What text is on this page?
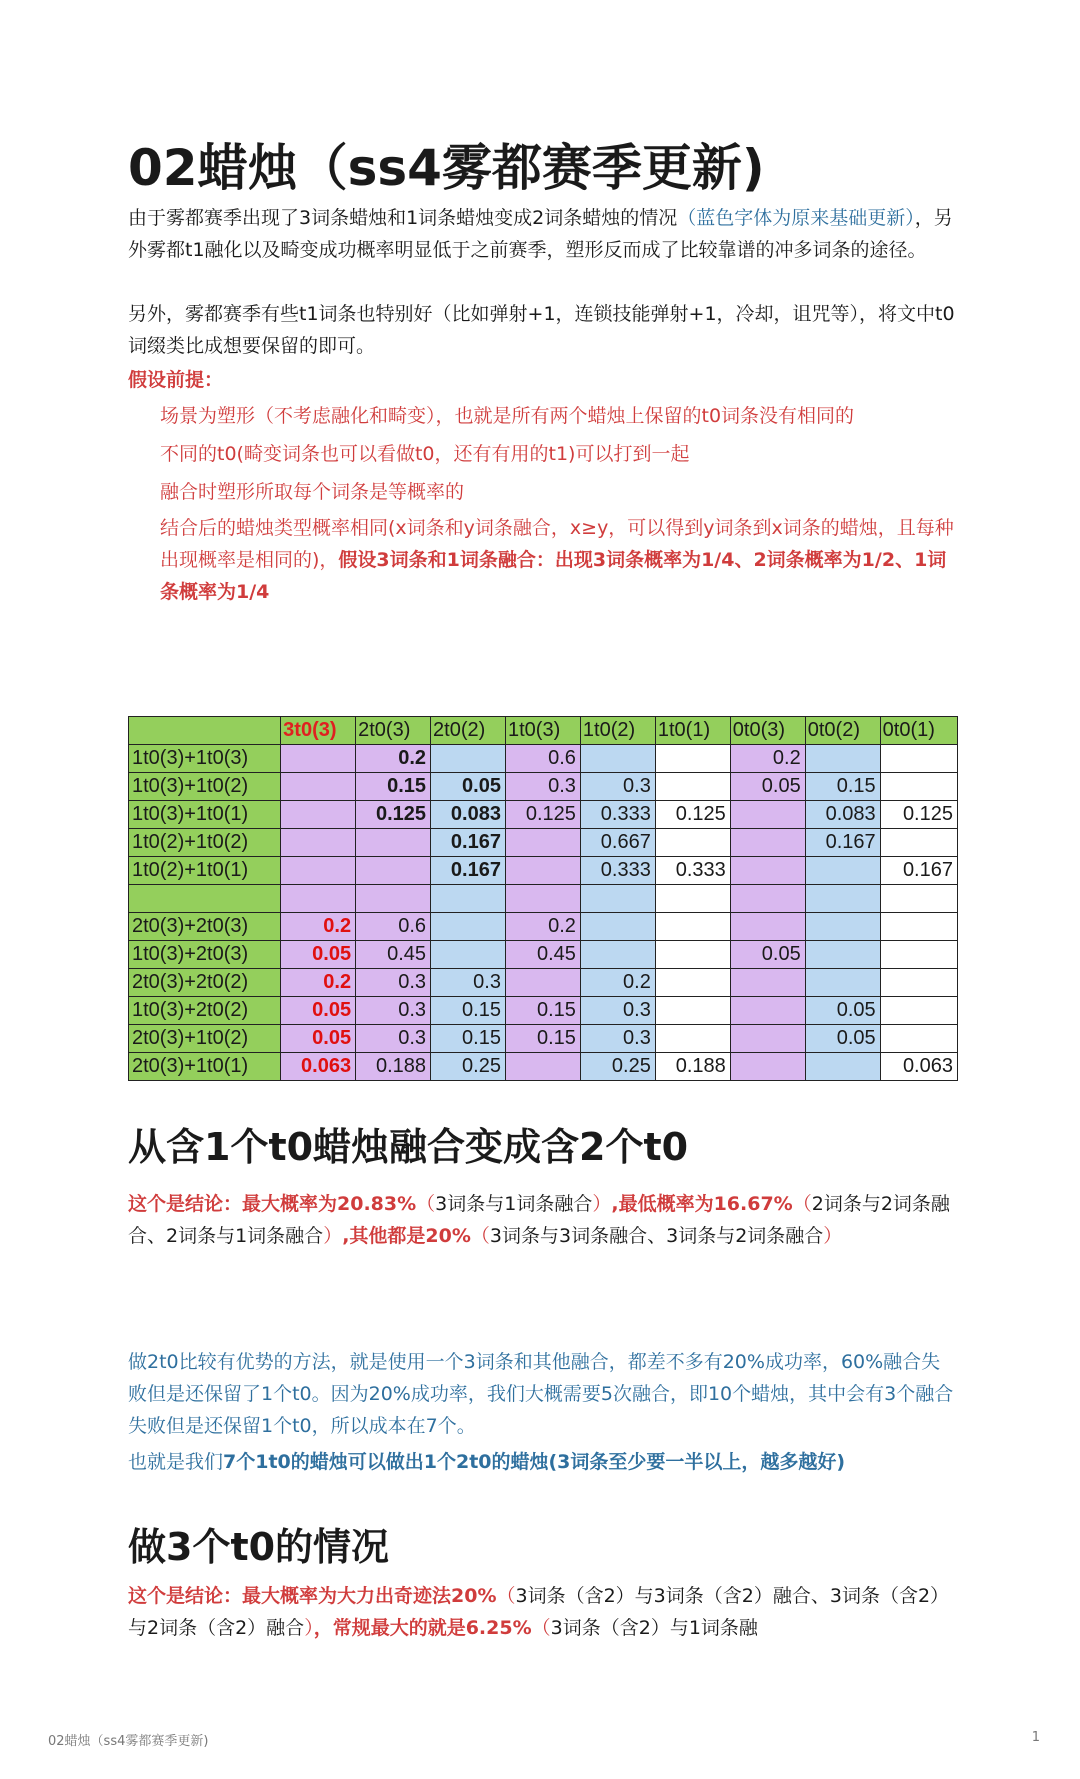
02蜡烛（ss4雾都赛季更新)

由于雾都赛季出现了3词条蜡烛和1词条蜡烛变成2词条蜡烛的情况（蓝色字体为原来基础更新），另外雾都t1融化以及畸变成功概率明显低于之前赛季，塑形反而成了比较靠谱的冲多词条的途径。

另外，雾都赛季有些t1词条也特别好（比如弹射+1，连锁技能弹射+1，冷却，诅咒等），将文中t0词缀类比成想要保留的即可。

假设前提：

场景为塑形（不考虑融化和畸变），也就是所有两个蜡烛上保留的t0词条没有相同的

不同的t0(畸变词条也可以看做t0，还有有用的t1)可以打到一起

融合时塑形所取每个词条是等概率的

结合后的蜡烛类型概率相同(x词条和y词条融合，x≥y，可以得到y词条到x词条的蜡烛，且每种出现概率是相同的)，假设3词条和1词条融合：出现3词条概率为1/4、2词条概率为1/2、1词条概率为1/4

	3t0(3)	2t0(3)	2t0(2)	1t0(3)	1t0(2)	1t0(1)	0t0(3)	0t0(2)	0t0(1)
1t0(3)+1t0(3)		0.2		0.6			0.2		
1t0(3)+1t0(2)		0.15	0.05	0.3	0.3		0.05	0.15	
1t0(3)+1t0(1)		0.125	0.083	0.125	0.333	0.125		0.083	0.125
1t0(2)+1t0(2)			0.167		0.667			0.167	
1t0(2)+1t0(1)			0.167		0.333	0.333			0.167

2t0(3)+2t0(3)	0.2	0.6		0.2					
1t0(3)+2t0(3)	0.05	0.45		0.45			0.05		
2t0(3)+2t0(2)	0.2	0.3	0.3		0.2				
1t0(3)+2t0(2)	0.05	0.3	0.15	0.15	0.3			0.05	
2t0(3)+1t0(2)	0.05	0.3	0.15	0.15	0.3			0.05	
2t0(3)+1t0(1)	0.063	0.188	0.25		0.25	0.188			0.063
从含1个t0蜡烛融合变成含2个t0

这个是结论：最大概率为20.83%（3词条与1词条融合）,最低概率为16.67%（2词条与2词条融合、2词条与1词条融合）,其他都是20%（3词条与3词条融合、3词条与2词条融合）

做2t0比较有优势的方法，就是使用一个3词条和其他融合，都差不多有20%成功率，60%融合失败但是还保留了1个t0。因为20%成功率，我们大概需要5次融合，即10个蜡烛，其中会有3个融合失败但是还保留1个t0，所以成本在7个。

也就是我们7个1t0的蜡烛可以做出1个2t0的蜡烛(3词条至少要一半以上，越多越好)

做3个t0的情况

这个是结论：最大概率为大力出奇迹法20%（3词条（含2）与3词条（含2）融合、3词条（含2）与2词条（含2）融合），常规最大的就是6.25%（3词条（含2）与1词条融

02蜡烛（ss4雾都赛季更新)	1
